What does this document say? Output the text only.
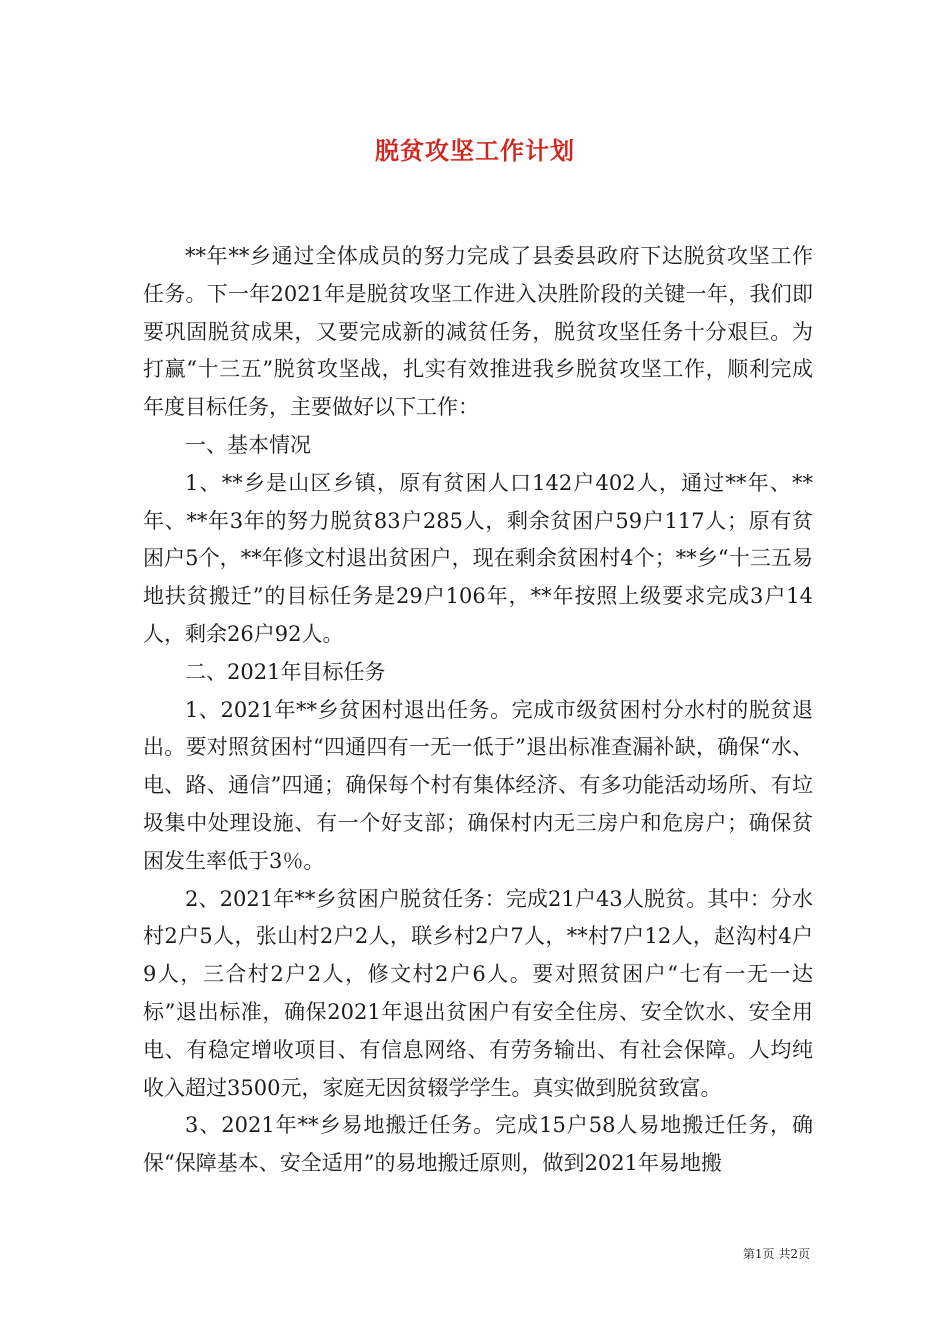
脱贫攻坚工作计划

**年**乡通过全体成员的努力完成了县委县政府下达脱贫攻坚工作任务。下一年2021年是脱贫攻坚工作进入决胜阶段的关键一年，我们即要巩固脱贫成果，又要完成新的减贫任务，脱贫攻坚任务十分艰巨。为打赢“十三五”脱贫攻坚战，扎实有效推进我乡脱贫攻坚工作，顺利完成年度目标任务，主要做好以下工作：

一、基本情况

1、**乡是山区乡镇，原有贫困人口142户402人，通过**年、**年、**年3年的努力脱贫83户285人，剩余贫困户59户117人；原有贫困户5个，**年修文村退出贫困户，现在剩余贫困村4个；**乡“十三五易地扶贫搬迁”的目标任务是29户106年，**年按照上级要求完成3户14人，剩余26户92人。

二、2021年目标任务

1、2021年**乡贫困村退出任务。完成市级贫困村分水村的脱贫退出。要对照贫困村“四通四有一无一低于”退出标准查漏补缺，确保“水、电、路、通信”四通；确保每个村有集体经济、有多功能活动场所、有垃圾集中处理设施、有一个好支部；确保村内无三房户和危房户；确保贫困发生率低于3％。

2、2021年**乡贫困户脱贫任务：完成21户43人脱贫。其中：分水村2户5人，张山村2户2人，联乡村2户7人，**村7户12人，赵沟村4户9人，三合村2户2人，修文村2户6人。要对照贫困户“七有一无一达标”退出标准，确保2021年退出贫困户有安全住房、安全饮水、安全用电、有稳定增收项目、有信息网络、有劳务输出、有社会保障。人均纯收入超过3500元，家庭无因贫辍学学生。真实做到脱贫致富。

3、2021年**乡易地搬迁任务。完成15户58人易地搬迁任务，确保“保障基本、安全适用”的易地搬迁原则，做到2021年易地搬

第1页 共2页
